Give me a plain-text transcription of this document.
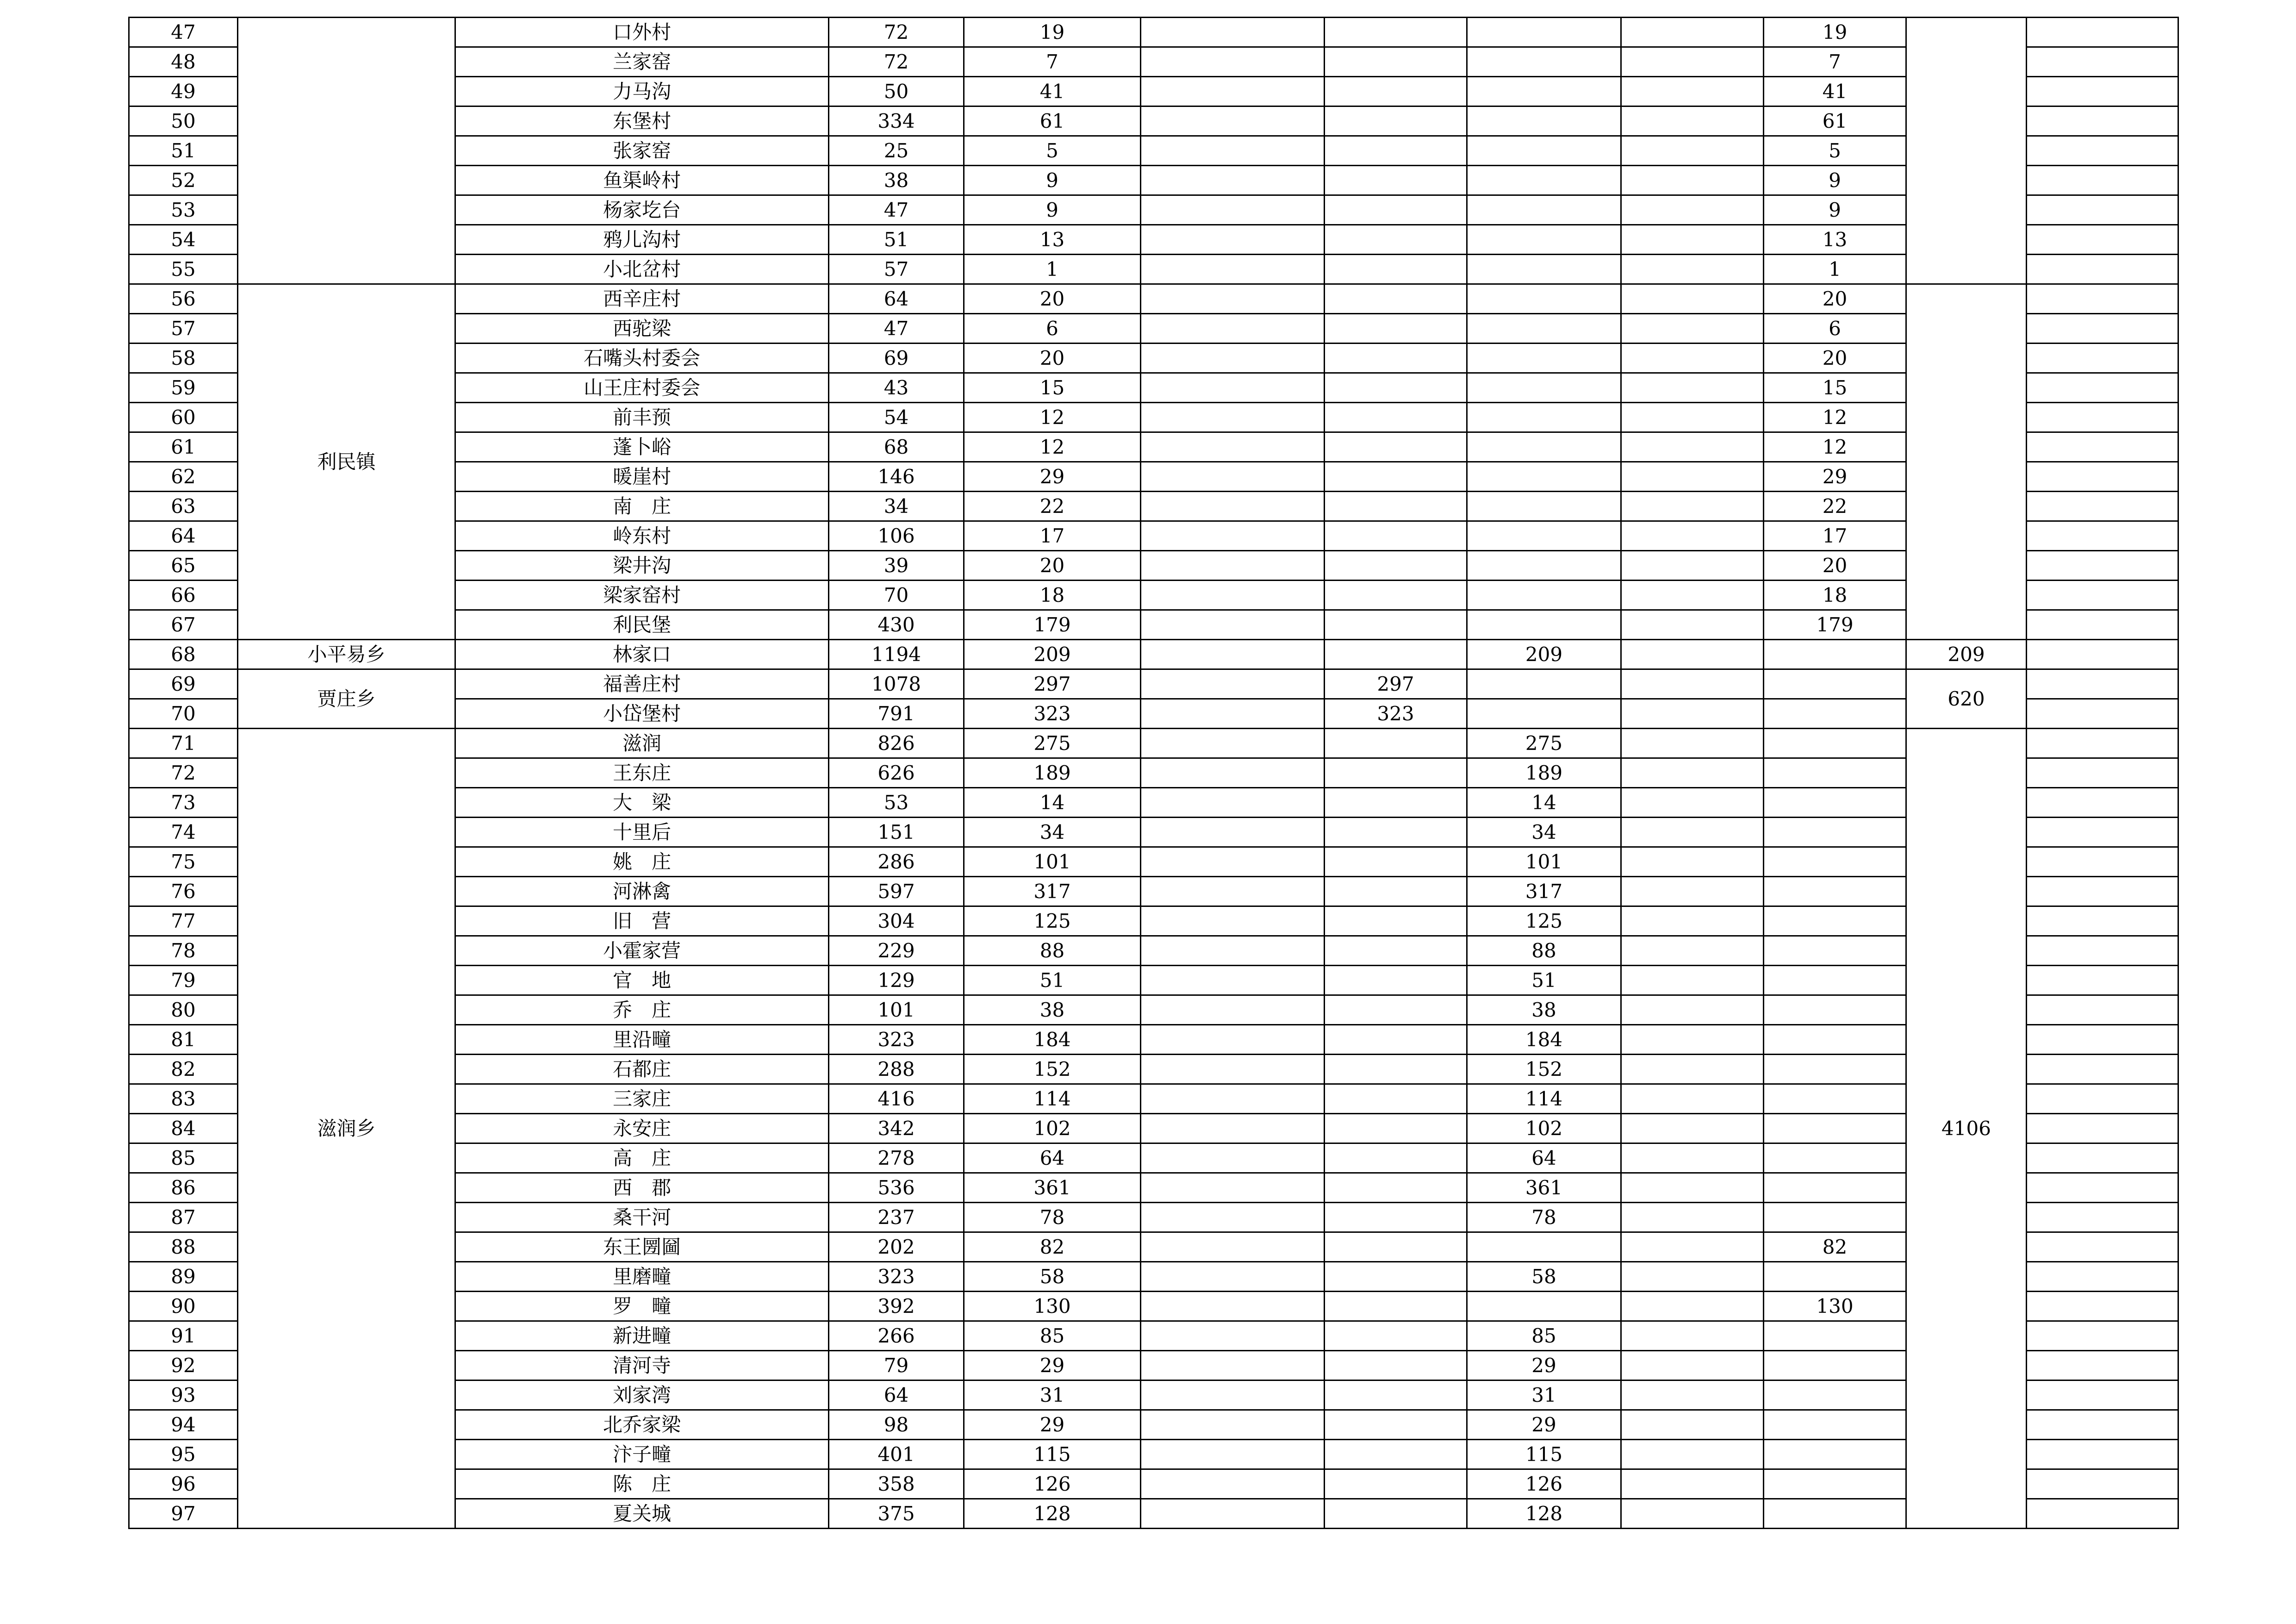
47		口外村	72	19					19		
48		兰家窑	72	7					7		
49		力马沟	50	41					41		
50		东堡村	334	61					61		
51		张家窑	25	5					5		
52		鱼渠岭村	38	9					9		
53		杨家圪台	47	9					9		
54		鸦儿沟村	51	13					13		
55		小北岔村	57	1					1		
56	利民镇	西辛庄村	64	20					20		
57		西驼梁	47	6					6		
58		石嘴头村委会	69	20					20		
59		山王庄村委会	43	15					15		
60		前丰预	54	12					12		
61		蓬卜峪	68	12					12		
62		暖崖村	146	29					29		
63		南　庄	34	22					22		
64		岭东村	106	17					17		
65		梁井沟	39	20					20		
66		梁家窑村	70	18					18		
67		利民堡	430	179					179		
68	小平易乡	林家口	1194	209			209			209	
69	贾庄乡	福善庄村	1078	297		297				620	
70		小岱堡村	791	323		323					
71	滋润乡	滋润	826	275			275			4106	
72		王东庄	626	189			189				
73		大　梁	53	14			14				
74		十里后	151	34			34				
75		姚　庄	286	101			101				
76		河淋禽	597	317			317				
77		旧　营	304	125			125				
78		小霍家营	229	88			88				
79		官　地	129	51			51				
80		乔　庄	101	38			38				
81		里沿疃	323	184			184				
82		石都庄	288	152			152				
83		三家庄	416	114			114				
84		永安庄	342	102			102				
85		高　庄	278	64			64				
86		西　郡	536	361			361				
87		桑干河	237	78			78				
88		东王圐圙	202	82					82		
89		里磨疃	323	58			58				
90		罗　疃	392	130					130		
91		新进疃	266	85			85				
92		清河寺	79	29			29				
93		刘家湾	64	31			31				
94		北乔家梁	98	29			29				
95		汴子疃	401	115			115				
96		陈　庄	358	126			126				
97		夏关城	375	128			128				
